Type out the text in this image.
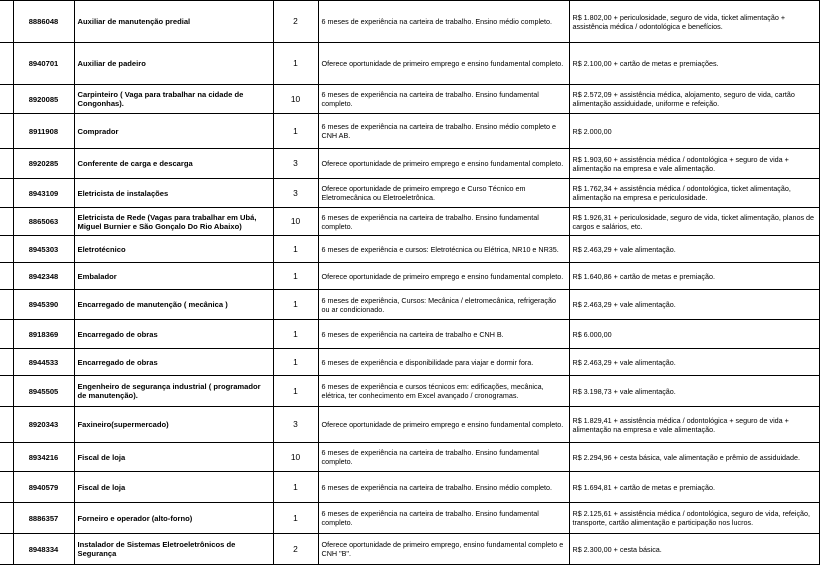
	8886048	Auxiliar de manutenção predial	2	6 meses de experiência na carteira de trabalho. Ensino médio completo.	R$ 1.802,00 + periculosidade, seguro de vida, ticket alimentação + assistência médica / odontológica e benefícios.
	8940701	Auxiliar de padeiro	1	Oferece oportunidade de primeiro emprego e ensino fundamental completo.	R$ 2.100,00 + cartão de metas e premiações.
	8920085	Carpinteiro ( Vaga para trabalhar na cidade de Congonhas).	10	6 meses de experiência na carteira de trabalho. Ensino fundamental completo.	R$ 2.572,09 + assistência médica, alojamento, seguro de vida, cartão alimentação assiduidade, uniforme e refeição.
	8911908	Comprador	1	6 meses de experiência na carteira de trabalho. Ensino médio completo e CNH AB.	R$ 2.000,00
	8920285	Conferente de carga e descarga	3	Oferece oportunidade de primeiro emprego e ensino fundamental completo.	R$ 1.903,60 + assistência médica / odontológica + seguro de vida + alimentação na empresa e vale alimentação.
	8943109	Eletricista de instalações	3	Oferece oportunidade de primeiro emprego e Curso Técnico em Eletromecânica ou Eletroeletrônica.	R$ 1.762,34 + assistência médica / odontológica, ticket alimentação, alimentação na empresa e periculosidade.
	8865063	Eletricista de Rede (Vagas para trabalhar em Ubá, Miguel Burnier e São Gonçalo Do Rio Abaixo)	10	6 meses de experiência na carteira de trabalho. Ensino fundamental completo.	R$ 1.926,31 + periculosidade, seguro de vida, ticket alimentação, planos de cargos e salários, etc.
	8945303	Eletrotécnico	1	6 meses de experiência e cursos: Eletrotécnica ou Elétrica, NR10 e NR35.	R$ 2.463,29 + vale alimentação.
	8942348	Embalador	1	Oferece oportunidade de primeiro emprego e ensino fundamental completo.	R$ 1.640,86 + cartão de metas e premiação.
	8945390	Encarregado de manutenção ( mecânica )	1	6 meses de experiência, Cursos: Mecânica / eletromecânica, refrigeração ou ar condicionado.	R$ 2.463,29 + vale alimentação.
	8918369	Encarregado de obras	1	6 meses de experiência na carteira de trabalho e CNH B.	R$ 6.000,00
	8944533	Encarregado de obras	1	6 meses de experiência e disponibilidade para viajar e dormir fora.	R$ 2.463,29 + vale alimentação.
	8945505	Engenheiro de segurança industrial ( programador de manutenção).	1	6 meses de experiência e cursos técnicos em: edificações, mecânica, elétrica, ter conhecimento em Excel avançado / cronogramas.	R$ 3.198,73 + vale alimentação.
	8920343	Faxineiro(supermercado)	3	Oferece oportunidade de primeiro emprego e ensino fundamental completo.	R$ 1.829,41 + assistência médica / odontológica + seguro de vida + alimentação na empresa e vale alimentação.
	8934216	Fiscal de loja	10	6 meses de experiência na carteira de trabalho. Ensino fundamental completo.	R$ 2.294,96 + cesta básica, vale alimentação e prêmio de assiduidade.
	8940579	Fiscal de loja	1	6 meses de experiência na carteira de trabalho. Ensino médio completo.	R$ 1.694,81 + cartão de metas e premiação.
	8886357	Forneiro e operador (alto-forno)	1	6 meses de experiência na carteira de trabalho. Ensino fundamental completo.	R$ 2.125,61 + assistência médica / odontológica, seguro de vida, refeição, transporte, cartão alimentação e participação nos lucros.
	8948334	Instalador de Sistemas Eletroeletrônicos de Segurança	2	Oferece oportunidade de primeiro emprego, ensino fundamental completo e CNH "B".	R$ 2.300,00 + cesta básica.
